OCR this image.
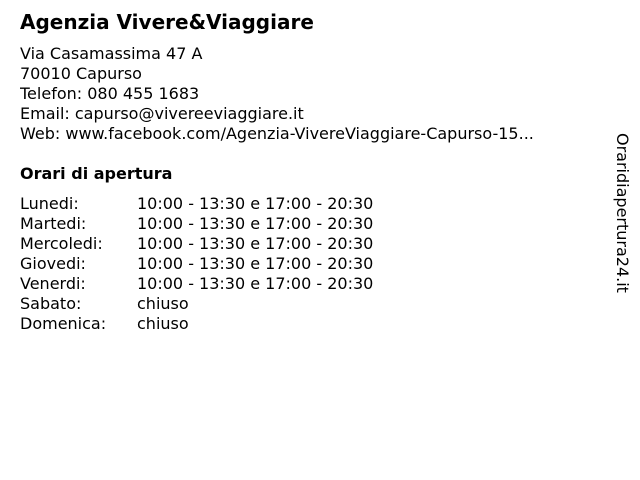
Agenzia Vivere&Viaggiare
Via Casamassima 47 A
70010 Capurso
Telefon: 080 455 1683
Email: capurso@vivereeviaggiare.it
Web: www.facebook.com/Agenzia-VivereViaggiare-Capurso-15...
Orari di apertura
Lunedi:	10:00 - 13:30 e 17:00 - 20:30
Martedi:	10:00 - 13:30 e 17:00 - 20:30
Mercoledi:	10:00 - 13:30 e 17:00 - 20:30
Giovedi:	10:00 - 13:30 e 17:00 - 20:30
Venerdi:	10:00 - 13:30 e 17:00 - 20:30
Sabato:	chiuso
Domenica:	chiuso
Oraridiapertura24.it
